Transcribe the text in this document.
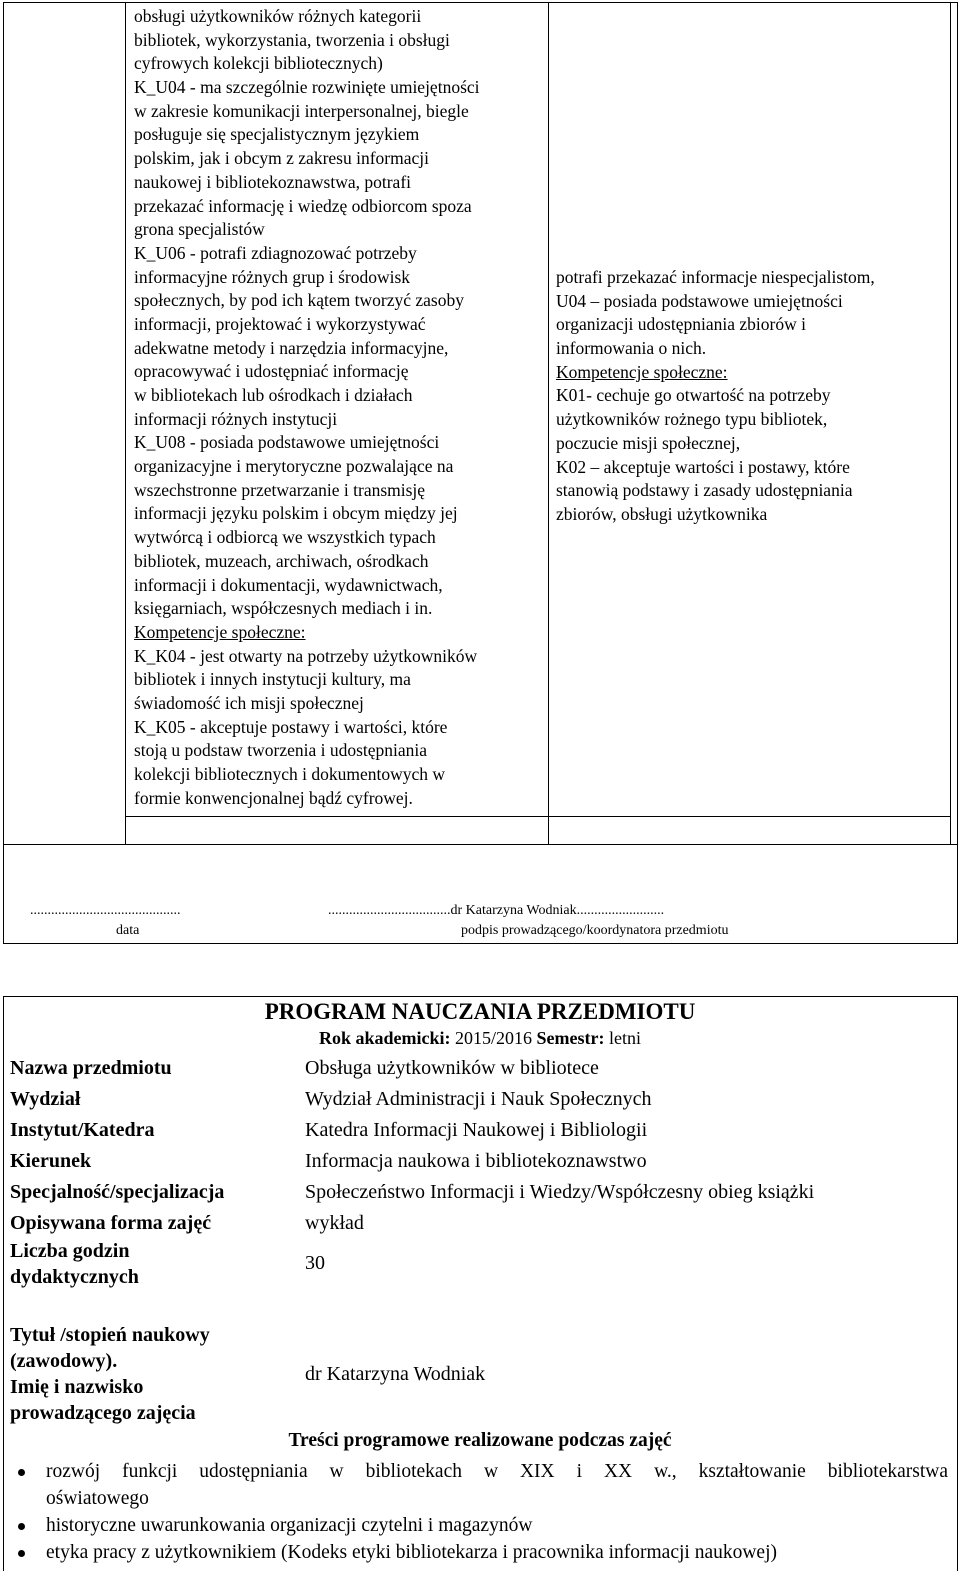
obsługi użytkowników różnych kategorii
bibliotek, wykorzystania, tworzenia i obsługi
cyfrowych kolekcji bibliotecznych)
K_U04 - ma szczególnie rozwinięte umiejętności
w zakresie komunikacji interpersonalnej, biegle
posługuje się specjalistycznym językiem
polskim, jak i obcym z zakresu informacji
naukowej i bibliotekoznawstwa, potrafi
przekazać informację i wiedzę odbiorcom spoza
grona specjalistów
K_U06 - potrafi zdiagnozować potrzeby
informacyjne różnych grup i środowisk
społecznych, by pod ich kątem tworzyć zasoby
informacji, projektować i wykorzystywać
adekwatne metody i narzędzia informacyjne,
opracowywać i udostępniać informację
w bibliotekach lub ośrodkach i działach
informacji różnych instytucji
K_U08 - posiada podstawowe umiejętności
organizacyjne i merytoryczne pozwalające na
wszechstronne przetwarzanie i transmisję
informacji języku polskim i obcym między jej
wytwórcą i odbiorcą we wszystkich typach
bibliotek, muzeach, archiwach, ośrodkach
informacji i dokumentacji, wydawnictwach,
księgarniach, współczesnych mediach i in.
Kompetencje społeczne:
K_K04 - jest otwarty na potrzeby użytkowników
bibliotek i innych instytucji kultury, ma
świadomość ich misji społecznej
K_K05 - akceptuje postawy i wartości, które
stoją u podstaw tworzenia i udostępniania
kolekcji bibliotecznych i dokumentowych w
formie konwencjonalnej bądź cyfrowej.
potrafi przekazać informacje niespecjalistom,
U04 – posiada podstawowe umiejętności
organizacji udostępniania zbiorów i
informowania o nich.
Kompetencje społeczne:
K01- cechuje go otwartość na potrzeby
użytkowników rożnego typu bibliotek,
poczucie misji społecznej,
K02 – akceptuje wartości i postawy, które
stanowią podstawy i zasady udostępniania
zbiorów, obsługi użytkownika
...........................................
data
...................................dr Katarzyna Wodniak.........................
podpis prowadzącego/koordynatora przedmiotu
PROGRAM NAUCZANIA PRZEDMIOTU
Rok akademicki: 2015/2016 Semestr: letni
Nazwa przedmiotu
Wydział
Instytut/Katedra
Kierunek
Specjalność/specjalizacja
Opisywana forma zajęć
Obsługa użytkowników w bibliotece
Wydział Administracji i Nauk Społecznych
Katedra Informacji Naukowej i Bibliologii
Informacja naukowa i bibliotekoznawstwo
Społeczeństwo Informacji i Wiedzy/Współczesny obieg książki
wykład
Liczba godzin
dydaktycznych
30
Tytuł /stopień naukowy
(zawodowy).
Imię i nazwisko
prowadzącego zajęcia
dr Katarzyna Wodniak
Treści programowe realizowane podczas zajęć
rozwój funkcji udostępniania w bibliotekach w XIX i XX w., kształtowanie bibliotekarstwa
oświatowego
historyczne uwarunkowania organizacji czytelni i magazynów
etyka pracy z użytkownikiem (Kodeks etyki bibliotekarza i pracownika informacji naukowej)
